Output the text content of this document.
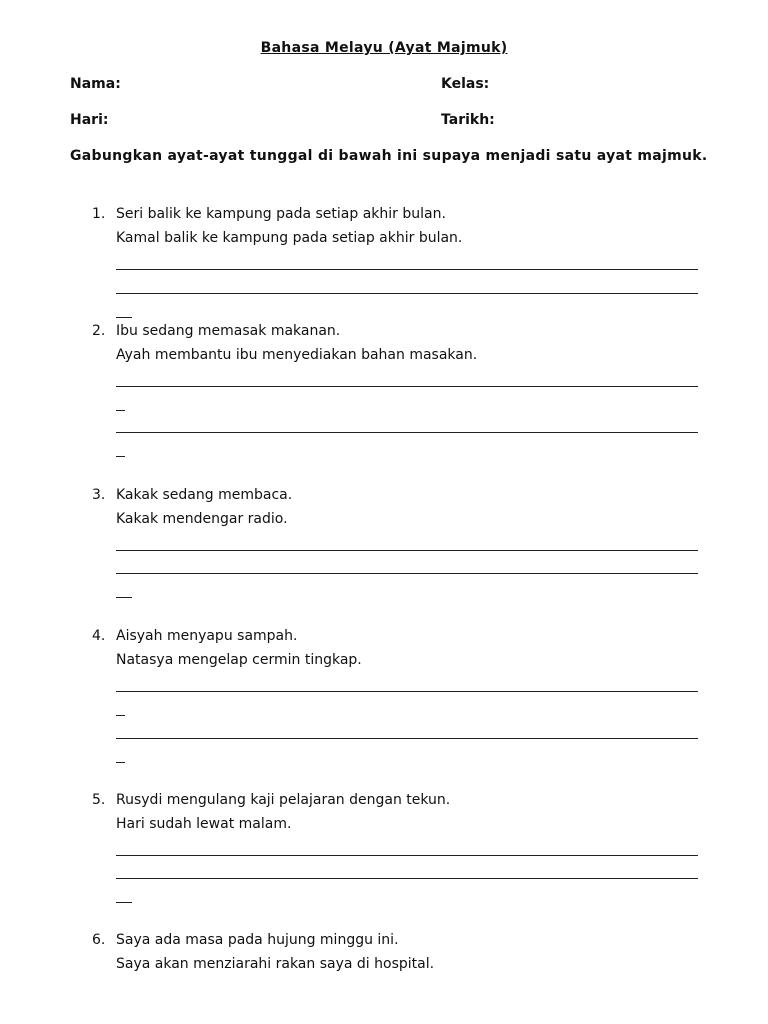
Bahasa Melayu (Ayat Majmuk)
Nama:	Kelas:
Hari:	Tarikh:
Gabungkan ayat-ayat tunggal di bawah ini supaya menjadi satu ayat majmuk.
1. Seri balik ke kampung pada setiap akhir bulan.
Kamal balik ke kampung pada setiap akhir bulan.
2. Ibu sedang memasak makanan.
Ayah membantu ibu menyediakan bahan masakan.
3. Kakak sedang membaca.
Kakak mendengar radio.
4. Aisyah menyapu sampah.
Natasya mengelap cermin tingkap.
5. Rusydi mengulang kaji pelajaran dengan tekun.
Hari sudah lewat malam.
6. Saya ada masa pada hujung minggu ini.
Saya akan menziarahi rakan saya di hospital.
